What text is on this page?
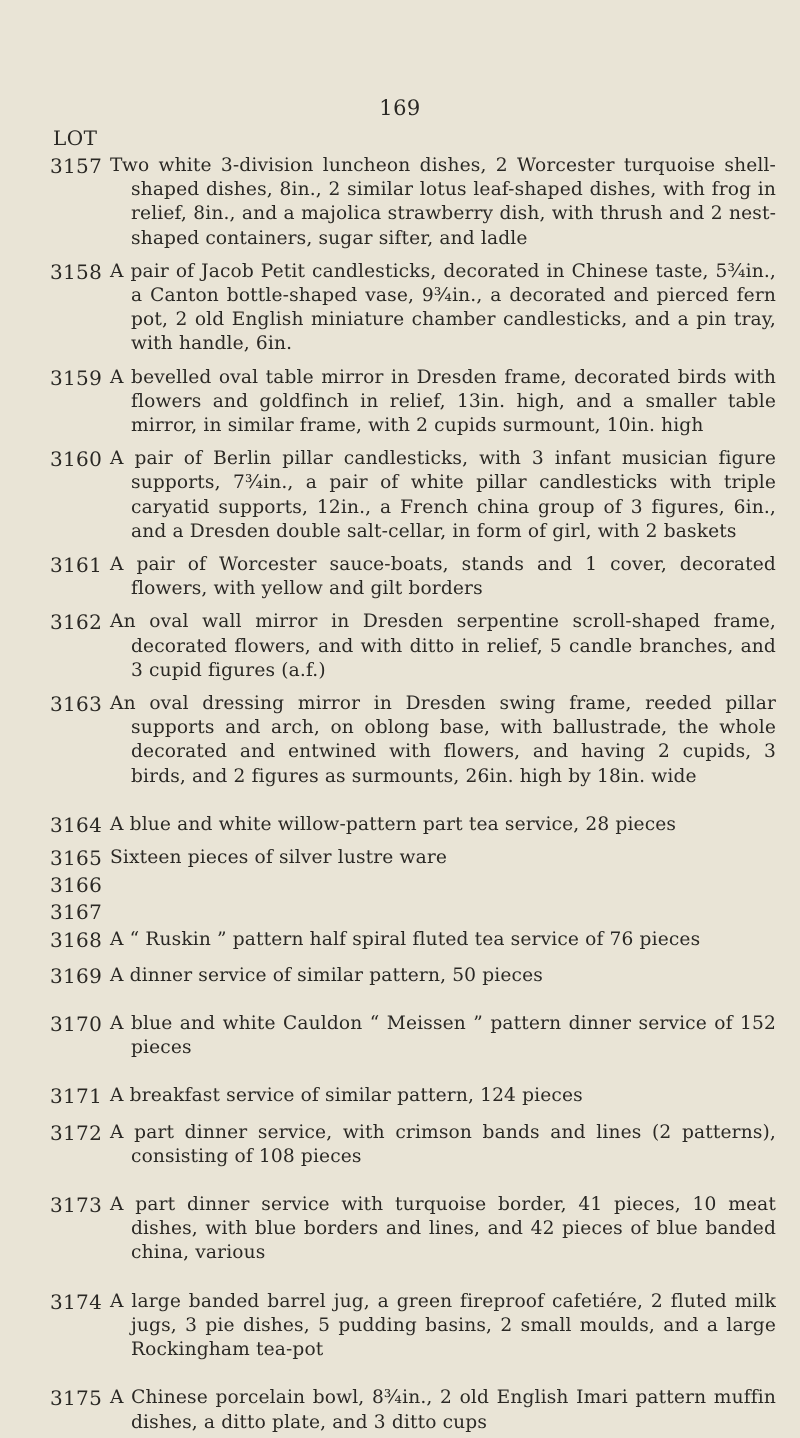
169
LOT
3157 Two white 3-division luncheon dishes, 2 Worcester turquoise shell-shaped dishes, 8in., 2 similar lotus leaf-shaped dishes, with frog in relief, 8in., and a majolica strawberry dish, with thrush and 2 nest-shaped containers, sugar sifter, and ladle
3158 A pair of Jacob Petit candlesticks, decorated in Chinese taste, 5¾in., a Canton bottle-shaped vase, 9¾in., a decorated and pierced fern pot, 2 old English miniature chamber candlesticks, and a pin tray, with handle, 6in.
3159 A bevelled oval table mirror in Dresden frame, decorated birds with flowers and goldfinch in relief, 13in. high, and a smaller table mirror, in similar frame, with 2 cupids surmount, 10in. high
3160 A pair of Berlin pillar candlesticks, with 3 infant musician figure supports, 7¾in., a pair of white pillar candlesticks with triple caryatid supports, 12in., a French china group of 3 figures, 6in., and a Dresden double salt-cellar, in form of girl, with 2 baskets
3161 A pair of Worcester sauce-boats, stands and 1 cover, decorated flowers, with yellow and gilt borders
3162 An oval wall mirror in Dresden serpentine scroll-shaped frame, decorated flowers, and with ditto in relief, 5 candle branches, and 3 cupid figures (a.f.)
3163 An oval dressing mirror in Dresden swing frame, reeded pillar supports and arch, on oblong base, with ballustrade, the whole decorated and entwined with flowers, and having 2 cupids, 3 birds, and 2 figures as surmounts, 26in. high by 18in. wide
3164 A blue and white willow-pattern part tea service, 28 pieces
3165 Sixteen pieces of silver lustre ware
3166
3167
3168 A “ Ruskin ” pattern half spiral fluted tea service of 76 pieces
3169 A dinner service of similar pattern, 50 pieces
3170 A blue and white Cauldon “ Meissen ” pattern dinner service of 152 pieces
3171 A breakfast service of similar pattern, 124 pieces
3172 A part dinner service, with crimson bands and lines (2 patterns), consisting of 108 pieces
3173 A part dinner service with turquoise border, 41 pieces, 10 meat dishes, with blue borders and lines, and 42 pieces of blue banded china, various
3174 A large banded barrel jug, a green fireproof cafetiére, 2 fluted milk jugs, 3 pie dishes, 5 pudding basins, 2 small moulds, and a large Rockingham tea-pot
3175 A Chinese porcelain bowl, 8¾in., 2 old English Imari pattern muffin dishes, a ditto plate, and 3 ditto cups
